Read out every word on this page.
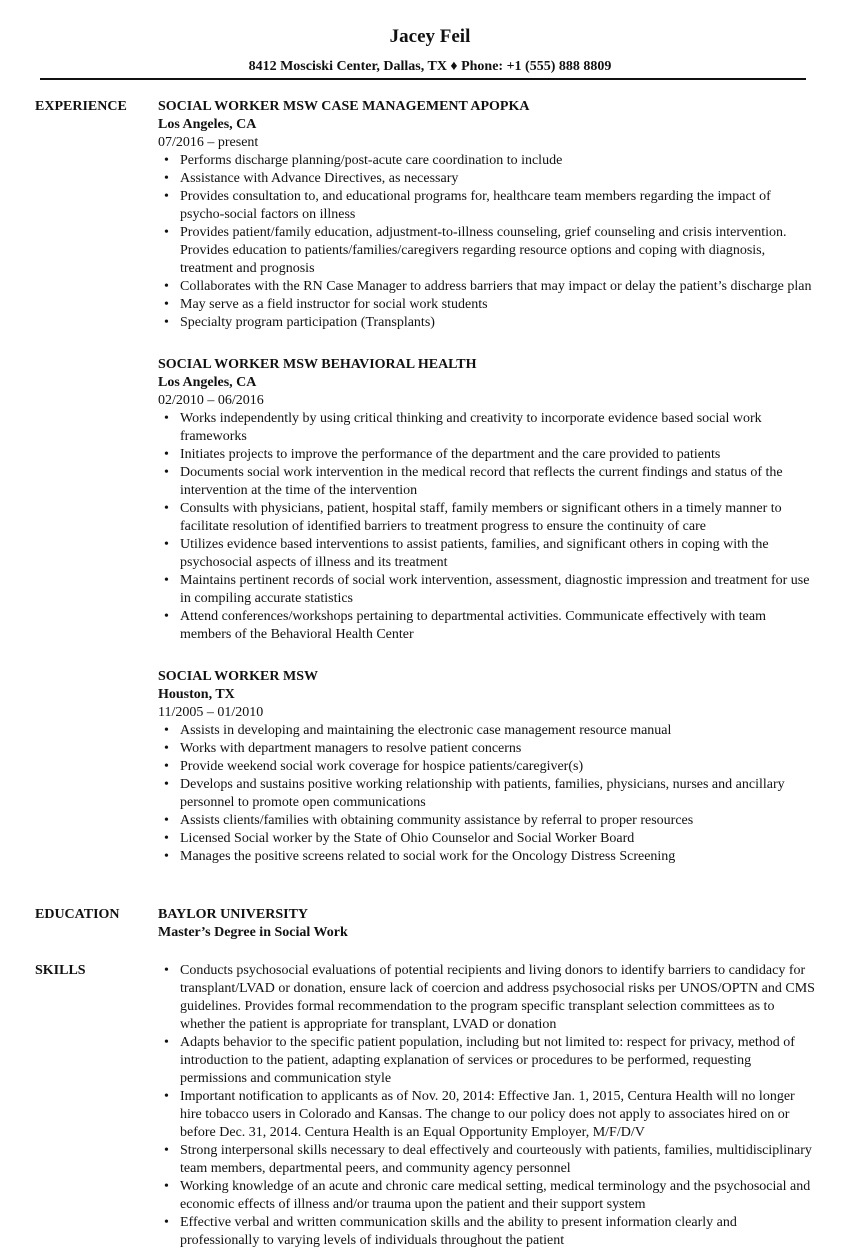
Jacey Feil
8412 Mosciski Center, Dallas, TX ♦ Phone: +1 (555) 888 8809
EXPERIENCE SOCIAL WORKER MSW CASE MANAGEMENT APOPKA
Los Angeles, CA
07/2016 – present
• Performs discharge planning/post-acute care coordination to include
• Assistance with Advance Directives, as necessary
• Provides consultation to, and educational programs for, healthcare team members regarding the impact of psycho-social factors on illness
• Provides patient/family education, adjustment-to-illness counseling, grief counseling and crisis intervention. Provides education to patients/families/caregivers regarding resource options and coping with diagnosis, treatment and prognosis
• Collaborates with the RN Case Manager to address barriers that may impact or delay the patient’s discharge plan
• May serve as a field instructor for social work students
• Specialty program participation (Transplants)
SOCIAL WORKER MSW BEHAVIORAL HEALTH
Los Angeles, CA
02/2010 – 06/2016
• Works independently by using critical thinking and creativity to incorporate evidence based social work frameworks
• Initiates projects to improve the performance of the department and the care provided to patients
• Documents social work intervention in the medical record that reflects the current findings and status of the intervention at the time of the intervention
• Consults with physicians, patient, hospital staff, family members or significant others in a timely manner to facilitate resolution of identified barriers to treatment progress to ensure the continuity of care
• Utilizes evidence based interventions to assist patients, families, and significant others in coping with the psychosocial aspects of illness and its treatment
• Maintains pertinent records of social work intervention, assessment, diagnostic impression and treatment for use in compiling accurate statistics
• Attend conferences/workshops pertaining to departmental activities. Communicate effectively with team members of the Behavioral Health Center
SOCIAL WORKER MSW
Houston, TX
11/2005 – 01/2010
• Assists in developing and maintaining the electronic case management resource manual
• Works with department managers to resolve patient concerns
• Provide weekend social work coverage for hospice patients/caregiver(s)
• Develops and sustains positive working relationship with patients, families, physicians, nurses and ancillary personnel to promote open communications
• Assists clients/families with obtaining community assistance by referral to proper resources
• Licensed Social worker by the State of Ohio Counselor and Social Worker Board
• Manages the positive screens related to social work for the Oncology Distress Screening
EDUCATION	BAYLOR UNIVERSITY
Master’s Degree in Social Work
SKILLS	• Conducts psychosocial evaluations of potential recipients and living donors to identify barriers to candidacy for transplant/LVAD or donation, ensure lack of coercion and address psychosocial risks per UNOS/OPTN and CMS guidelines. Provides formal recommendation to the program specific transplant selection committees as to whether the patient is appropriate for transplant, LVAD or donation
• Adapts behavior to the specific patient population, including but not limited to: respect for privacy, method of introduction to the patient, adapting explanation of services or procedures to be performed, requesting permissions and communication style
• Important notification to applicants as of Nov. 20, 2014: Effective Jan. 1, 2015, Centura Health will no longer hire tobacco users in Colorado and Kansas. The change to our policy does not apply to associates hired on or before Dec. 31, 2014. Centura Health is an Equal Opportunity Employer, M/F/D/V
• Strong interpersonal skills necessary to deal effectively and courteously with patients, families, multidisciplinary team members, departmental peers, and community agency personnel
• Working knowledge of an acute and chronic care medical setting, medical terminology and the psychosocial and economic effects of illness and/or trauma upon the patient and their support system
• Effective verbal and written communication skills and the ability to present information clearly and professionally to varying levels of individuals throughout the patient
